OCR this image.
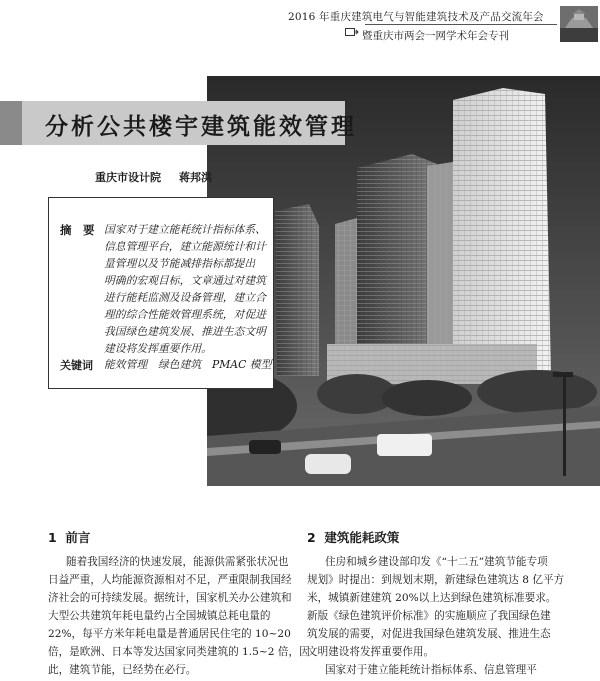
2016 年重庆建筑电气与智能建筑技术及产品交流年会
暨重庆市两会一网学术年会专刊
分析公共楼宇建筑能效管理
重庆市设计院 蒋邦洪
摘　要 国家对于建立能耗统计指标体系、
信息管理平台，建立能源统计和计
量管理以及节能减排指标都提出
明确的宏观目标，文章通过对建筑
进行能耗监测及设备管理，建立合
理的综合性能效管理系统，对促进
我国绿色建筑发展、推进生态文明
建设将发挥重要作用。
关键词 能效管理　绿色建筑　PMAC 模型
1 前言
随着我国经济的快速发展，能源供需紧张状况也
日益严重，人均能源资源相对不足，严重限制我国经
济社会的可持续发展。据统计，国家机关办公建筑和
大型公共建筑年耗电量约占全国城镇总耗电量的
22%，每平方米年耗电量是普通居民住宅的 10~20
倍，是欧洲、日本等发达国家同类建筑的 1.5~2 倍，因
此，建筑节能，已经势在必行。
2 建筑能耗政策
住房和城乡建设部印发《“十二五”建筑节能专项
规划》时提出：到规划末期，新建绿色建筑达 8 亿平方
米，城镇新建建筑 20%以上达到绿色建筑标准要求。
新版《绿色建筑评价标准》的实施顺应了我国绿色建
筑发展的需要，对促进我国绿色建筑发展、推进生态
文明建设将发挥重要作用。
国家对于建立能耗统计指标体系、信息管理平
